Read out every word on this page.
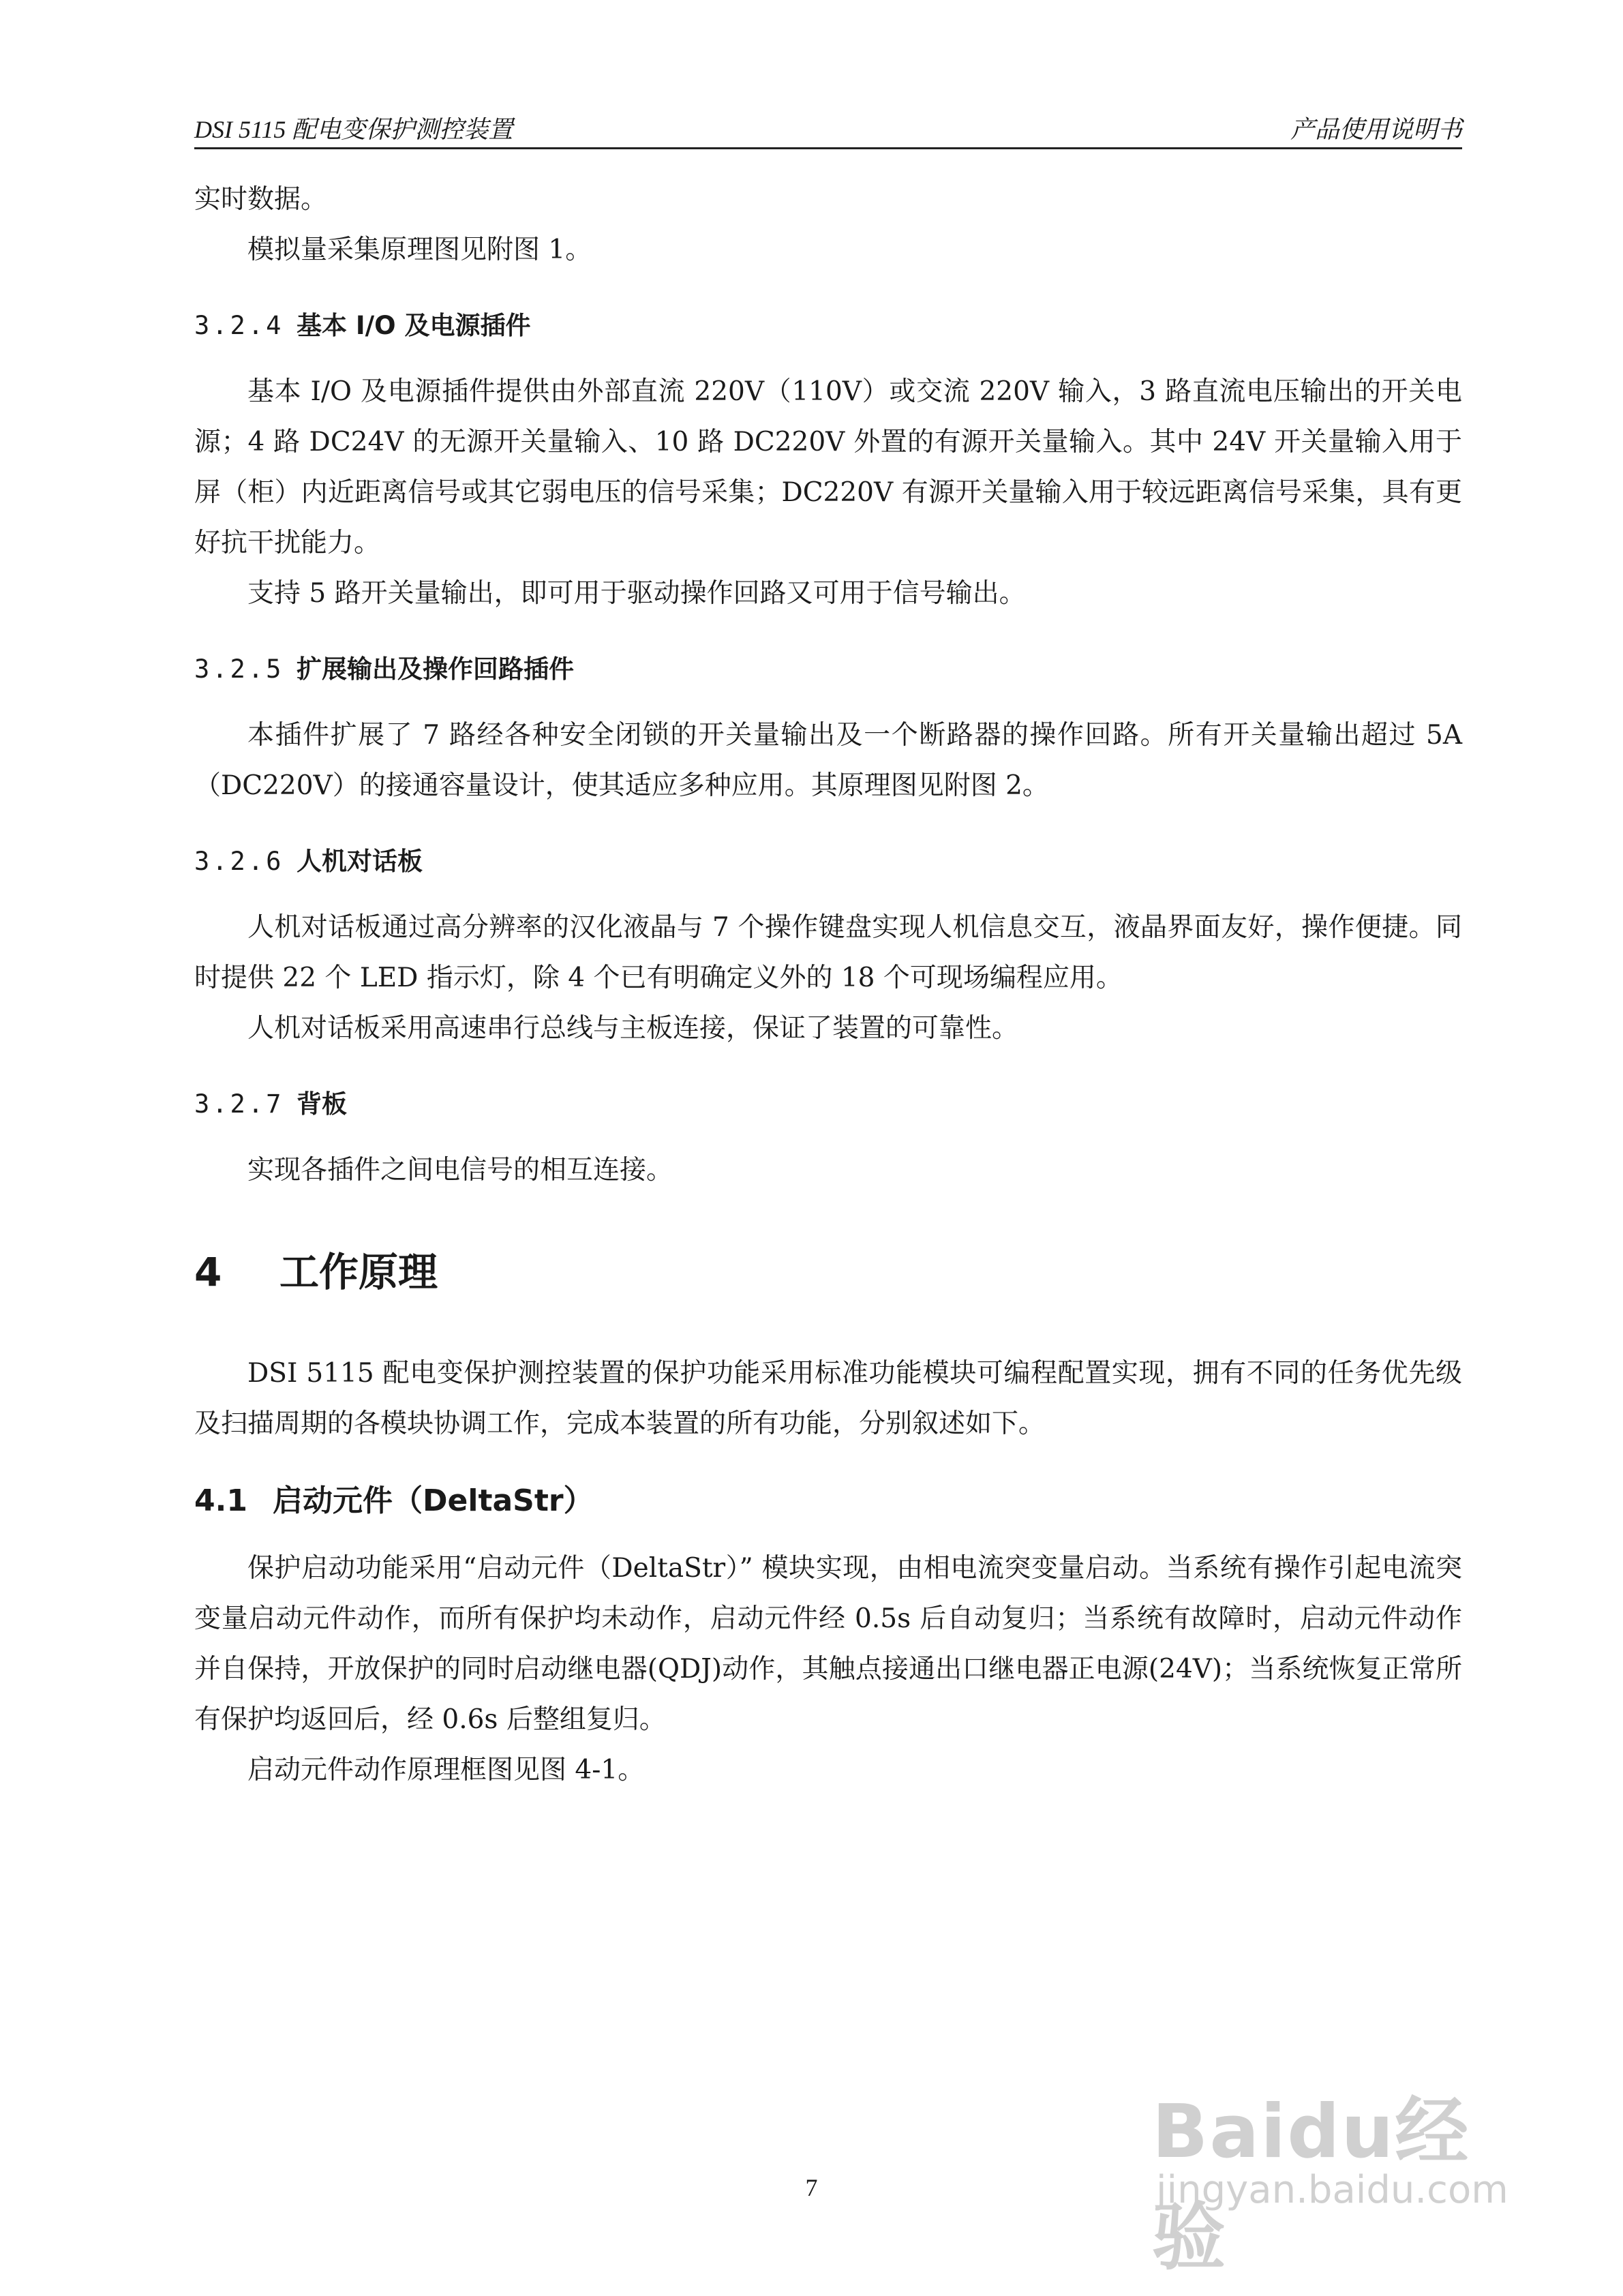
DSI 5115 配电变保护测控装置	产品使用说明书

实时数据。

模拟量采集原理图见附图 1。

3.2.4 基本 I/O 及电源插件

基本 I/O 及电源插件提供由外部直流 220V（110V）或交流 220V 输入，3 路直流电压输出的开关电源；4 路 DC24V 的无源开关量输入、10 路 DC220V 外置的有源开关量输入。其中 24V 开关量输入用于屏（柜）内近距离信号或其它弱电压的信号采集；DC220V 有源开关量输入用于较远距离信号采集，具有更好抗干扰能力。

支持 5 路开关量输出，即可用于驱动操作回路又可用于信号输出。

3.2.5 扩展输出及操作回路插件

本插件扩展了 7 路经各种安全闭锁的开关量输出及一个断路器的操作回路。所有开关量输出超过 5A（DC220V）的接通容量设计，使其适应多种应用。其原理图见附图 2。

3.2.6 人机对话板

人机对话板通过高分辨率的汉化液晶与 7 个操作键盘实现人机信息交互，液晶界面友好，操作便捷。同时提供 22 个 LED 指示灯，除 4 个已有明确定义外的 18 个可现场编程应用。

人机对话板采用高速串行总线与主板连接，保证了装置的可靠性。

3.2.7 背板

实现各插件之间电信号的相互连接。

4 工作原理

DSI 5115 配电变保护测控装置的保护功能采用标准功能模块可编程配置实现，拥有不同的任务优先级及扫描周期的各模块协调工作，完成本装置的所有功能，分别叙述如下。

4.1 启动元件（DeltaStr）

保护启动功能采用“启动元件（DeltaStr）” 模块实现，由相电流突变量启动。当系统有操作引起电流突变量启动元件动作，而所有保护均未动作，启动元件经 0.5s 后自动复归；当系统有故障时，启动元件动作并自保持，开放保护的同时启动继电器(QDJ)动作，其触点接通出口继电器正电源(24V)；当系统恢复正常所有保护均返回后，经 0.6s 后整组复归。

启动元件动作原理框图见图 4-1。

Baidu经验
jingyan.baidu.com
7
